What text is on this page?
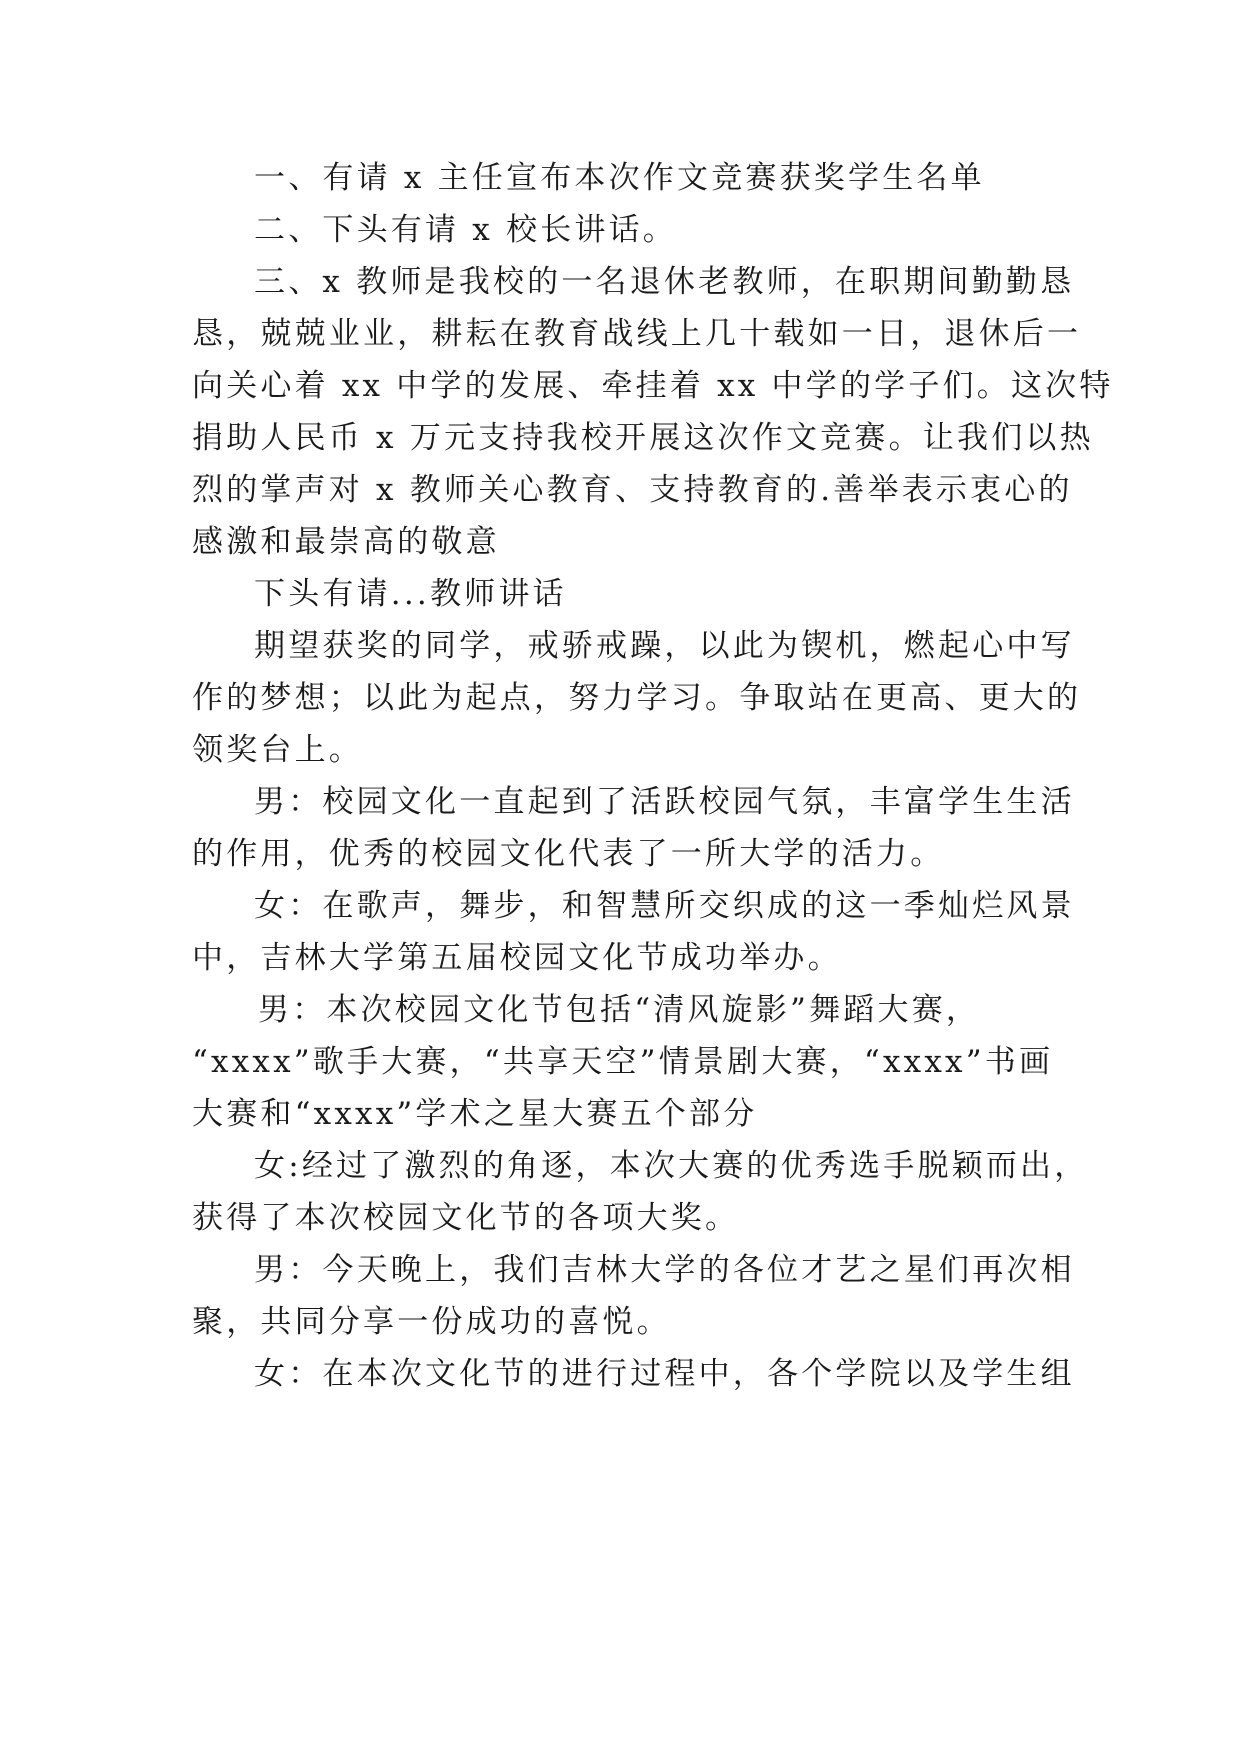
一、有请 x 主任宣布本次作文竞赛获奖学生名单
二、下头有请 x 校长讲话。
三、x 教师是我校的一名退休老教师，在职期间勤勤恳
恳，兢兢业业，耕耘在教育战线上几十载如一日，退休后一
向关心着 xx 中学的发展、牵挂着 xx 中学的学子们。这次特
捐助人民币 x 万元支持我校开展这次作文竞赛。让我们以热
烈的掌声对 x 教师关心教育、支持教育的.善举表示衷心的
感激和最崇高的敬意
下头有请...教师讲话
期望获奖的同学，戒骄戒躁，以此为锲机，燃起心中写
作的梦想；以此为起点，努力学习。争取站在更高、更大的
领奖台上。
男：校园文化一直起到了活跃校园气氛，丰富学生生活
的作用，优秀的校园文化代表了一所大学的活力。
女：在歌声，舞步，和智慧所交织成的这一季灿烂风景
中，吉林大学第五届校园文化节成功举办。
男：本次校园文化节包括“清风旋影”舞蹈大赛，
“xxxx”歌手大赛，“共享天空”情景剧大赛，“xxxx”书画
大赛和“xxxx”学术之星大赛五个部分
女:经过了激烈的角逐，本次大赛的优秀选手脱颖而出，
获得了本次校园文化节的各项大奖。
男：今天晚上，我们吉林大学的各位才艺之星们再次相
聚，共同分享一份成功的喜悦。
女：在本次文化节的进行过程中，各个学院以及学生组
